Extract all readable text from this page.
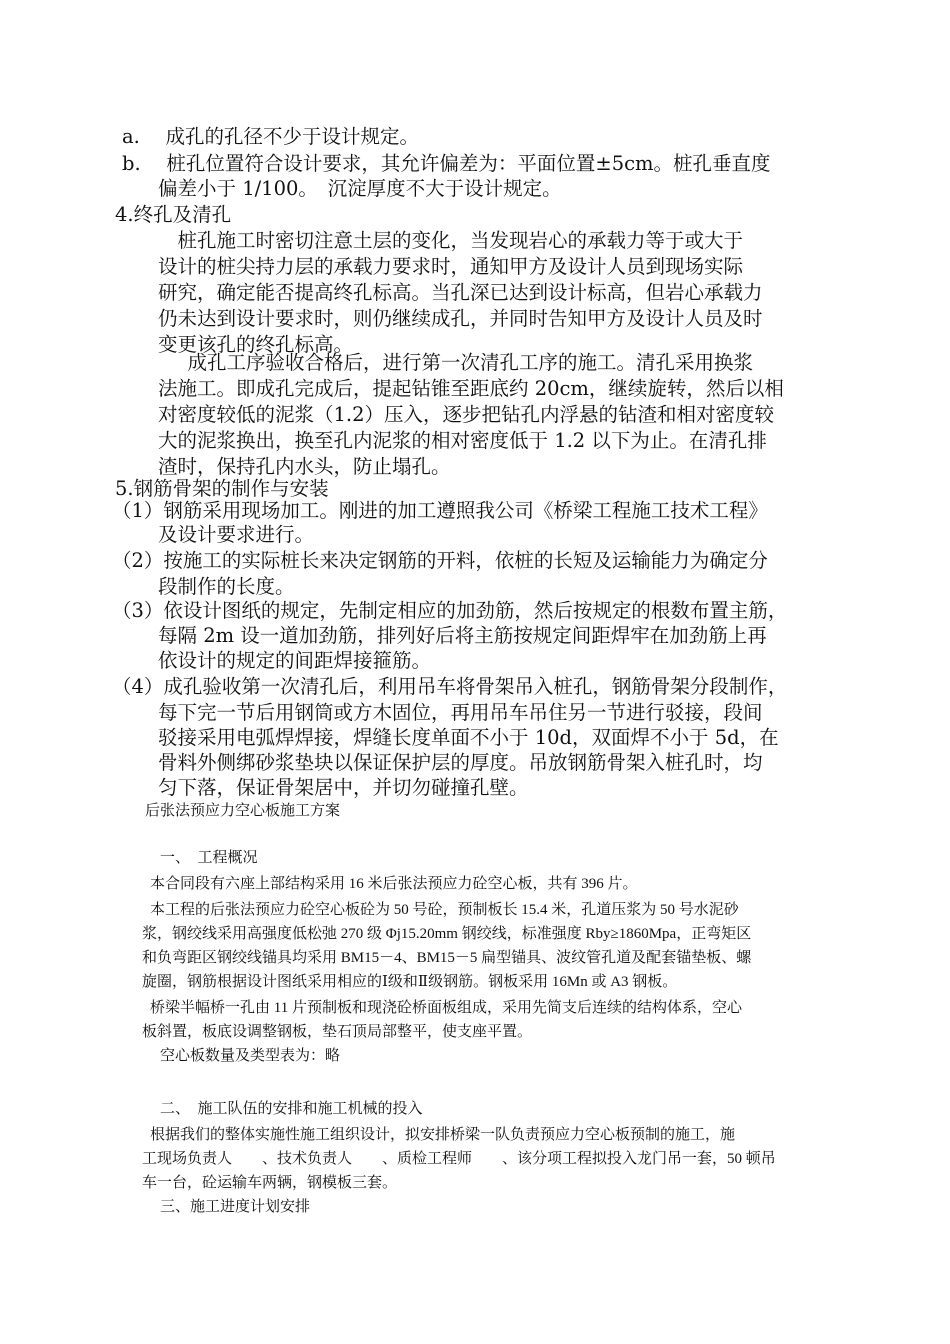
a.　 成孔的孔径不少于设计规定。
b.　 桩孔位置符合设计要求，其允许偏差为：平面位置±5cm。桩孔垂直度
偏差小于 1/100。　沉淀厚度不大于设计规定。
4.终孔及清孔
　桩孔施工时密切注意土层的变化，当发现岩心的承载力等于或大于
设计的桩尖持力层的承载力要求时，通知甲方及设计人员到现场实际
研究，确定能否提高终孔标高。当孔深已达到设计标高，但岩心承载力
仍未达到设计要求时，则仍继续成孔，并同时告知甲方及设计人员及时
变更该孔的终孔标高。
　成孔工序验收合格后，进行第一次清孔工序的施工。清孔采用换浆
法施工。即成孔完成后，提起钻锥至距底约 20cm，继续旋转，然后以相
对密度较低的泥浆（1.2）压入，逐步把钻孔内浮悬的钻渣和相对密度较
大的泥浆换出，换至孔内泥浆的相对密度低于 1.2 以下为止。在清孔排
渣时，保持孔内水头，防止塌孔。
5.钢筋骨架的制作与安装
（1）钢筋采用现场加工。刚进的加工遵照我公司《桥梁工程施工技术工程》
及设计要求进行。
（2）按施工的实际桩长来决定钢筋的开料，依桩的长短及运输能力为确定分
段制作的长度。
（3）依设计图纸的规定，先制定相应的加劲筋，然后按规定的根数布置主筋，
每隔 2m 设一道加劲筋，排列好后将主筋按规定间距焊牢在加劲筋上再
依设计的规定的间距焊接箍筋。
（4）成孔验收第一次清孔后，利用吊车将骨架吊入桩孔，钢筋骨架分段制作，
每下完一节后用钢筒或方木固位，再用吊车吊住另一节进行驳接，段间
驳接采用电弧焊焊接，焊缝长度单面不小于 10d，双面焊不小于 5d，在
骨料外侧绑砂浆垫块以保证保护层的厚度。吊放钢筋骨架入桩孔时，均
匀下落，保证骨架居中，并切勿碰撞孔壁。
后张法预应力空心板施工方案
一、　工程概况
本合同段有六座上部结构采用 16 米后张法预应力砼空心板，共有 396 片。
本工程的后张法预应力砼空心板砼为 50 号砼，预制板长 15.4 米，孔道压浆为 50 号水泥砂
浆，钢绞线采用高强度低松弛 270 级 Φj15.20mm 钢绞线，标准强度 Rby≥1860Mpa，正弯矩区
和负弯距区钢绞线锚具均采用 BM15－4、BM15－5 扁型锚具、波纹管孔道及配套锚垫板、螺
旋圈，钢筋根据设计图纸采用相应的Ⅰ级和Ⅱ级钢筋。钢板采用 16Mn 或 A3 钢板。
桥梁半幅桥一孔由 11 片预制板和现浇砼桥面板组成，采用先简支后连续的结构体系，空心
板斜置，板底设调整钢板，垫石顶局部整平，使支座平置。
空心板数量及类型表为：略
二、　施工队伍的安排和施工机械的投入
根据我们的整体实施性施工组织设计，拟安排桥梁一队负责预应力空心板预制的施工，施
工现场负责人　　、技术负责人　　、质检工程师　　、该分项工程拟投入龙门吊一套，50 顿吊
车一台，砼运输车两辆，钢模板三套。
三、施工进度计划安排
